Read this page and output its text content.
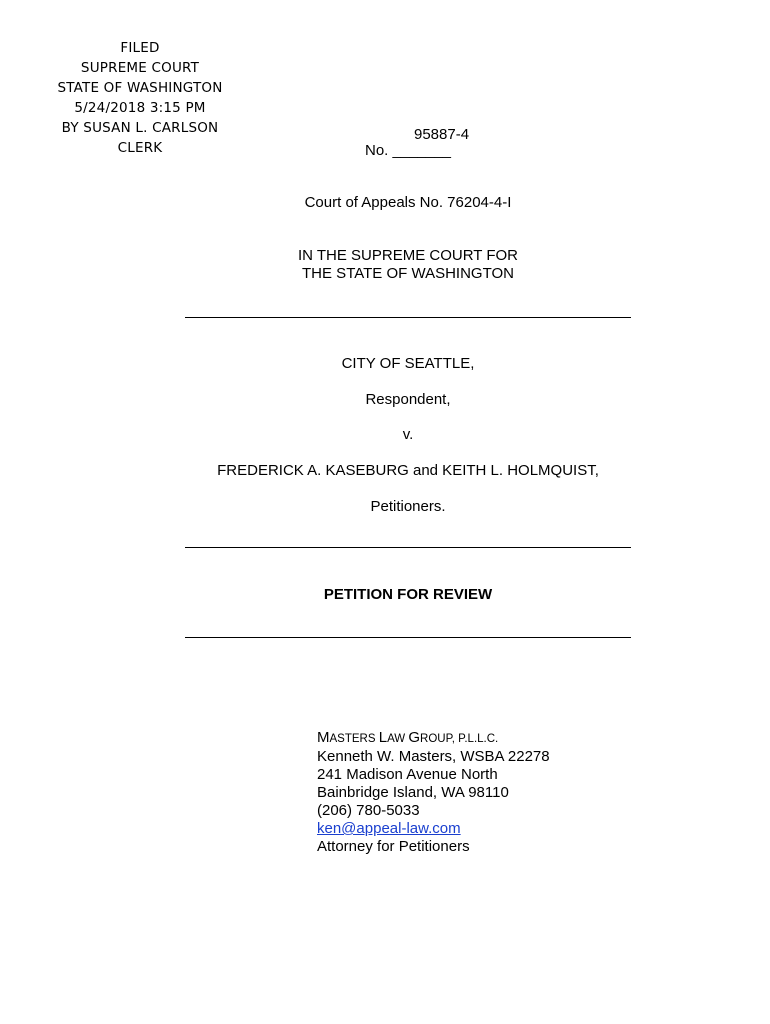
FILED
SUPREME COURT
STATE OF WASHINGTON
5/24/2018 3:15 PM
BY SUSAN L. CARLSON
CLERK
95887-4
No. _______
Court of Appeals No. 76204-4-I
IN THE SUPREME COURT FOR
THE STATE OF WASHINGTON
CITY OF SEATTLE,
Respondent,
v.
FREDERICK A. KASEBURG and KEITH L. HOLMQUIST,
Petitioners.
PETITION FOR REVIEW
MASTERS LAW GROUP, P.L.L.C.
Kenneth W. Masters, WSBA 22278
241 Madison Avenue North
Bainbridge Island, WA 98110
(206) 780-5033
ken@appeal-law.com
Attorney for Petitioners
